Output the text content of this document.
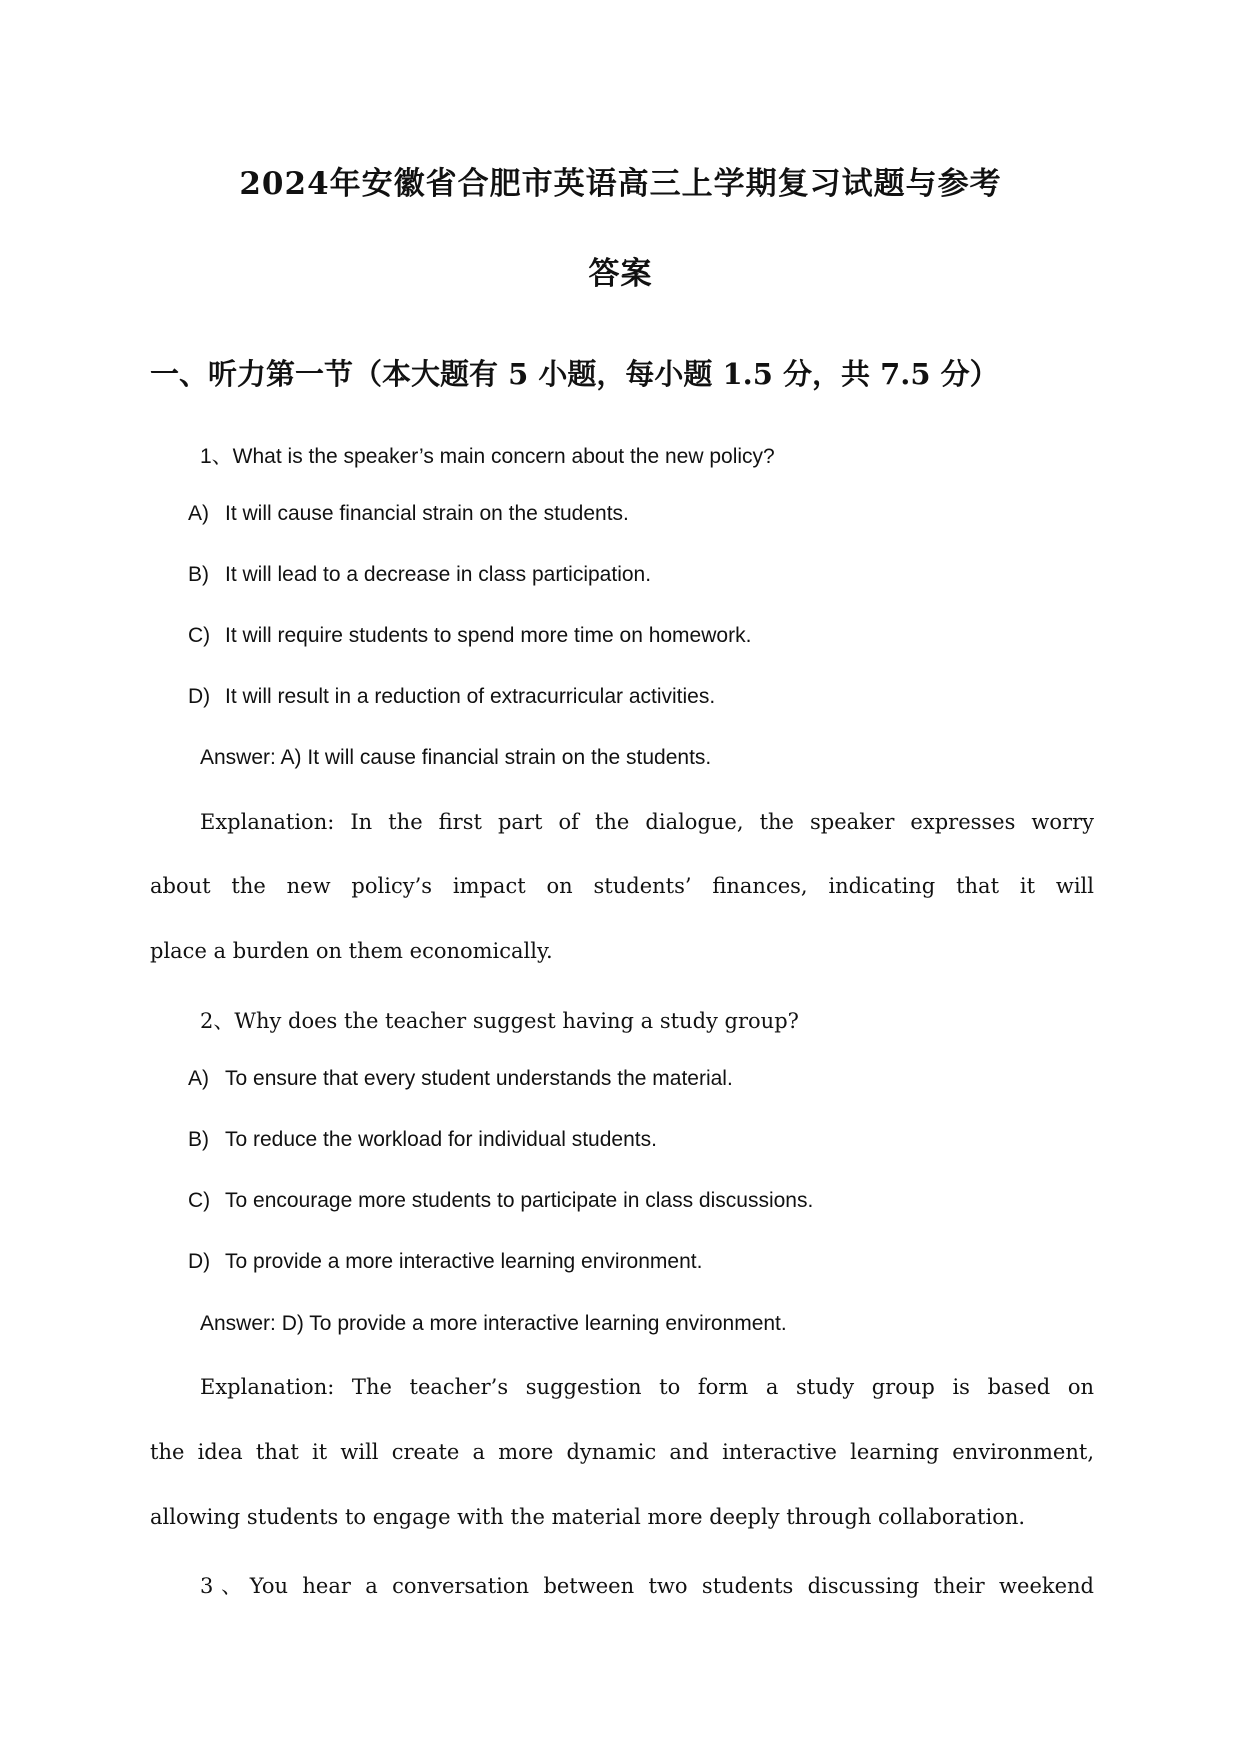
2024年安徽省合肥市英语高三上学期复习试题与参考
答案
一、听力第一节（本大题有 5 小题，每小题 1.5 分，共 7.5 分）
1、What is the speaker’s main concern about the new policy?
A) It will cause financial strain on the students.
B) It will lead to a decrease in class participation.
C) It will require students to spend more time on homework.
D) It will result in a reduction of extracurricular activities.
Answer: A) It will cause financial strain on the students.
Explanation: In the first part of the dialogue, the speaker expresses worry
about the new policy’s impact on students’ finances, indicating that it will
place a burden on them economically.
2、Why does the teacher suggest having a study group?
A) To ensure that every student understands the material.
B) To reduce the workload for individual students.
C) To encourage more students to participate in class discussions.
D) To provide a more interactive learning environment.
Answer: D) To provide a more interactive learning environment.
Explanation: The teacher’s suggestion to form a study group is based on
the idea that it will create a more dynamic and interactive learning environment,
allowing students to engage with the material more deeply through collaboration.
3、You hear a conversation between two students discussing their weekend
